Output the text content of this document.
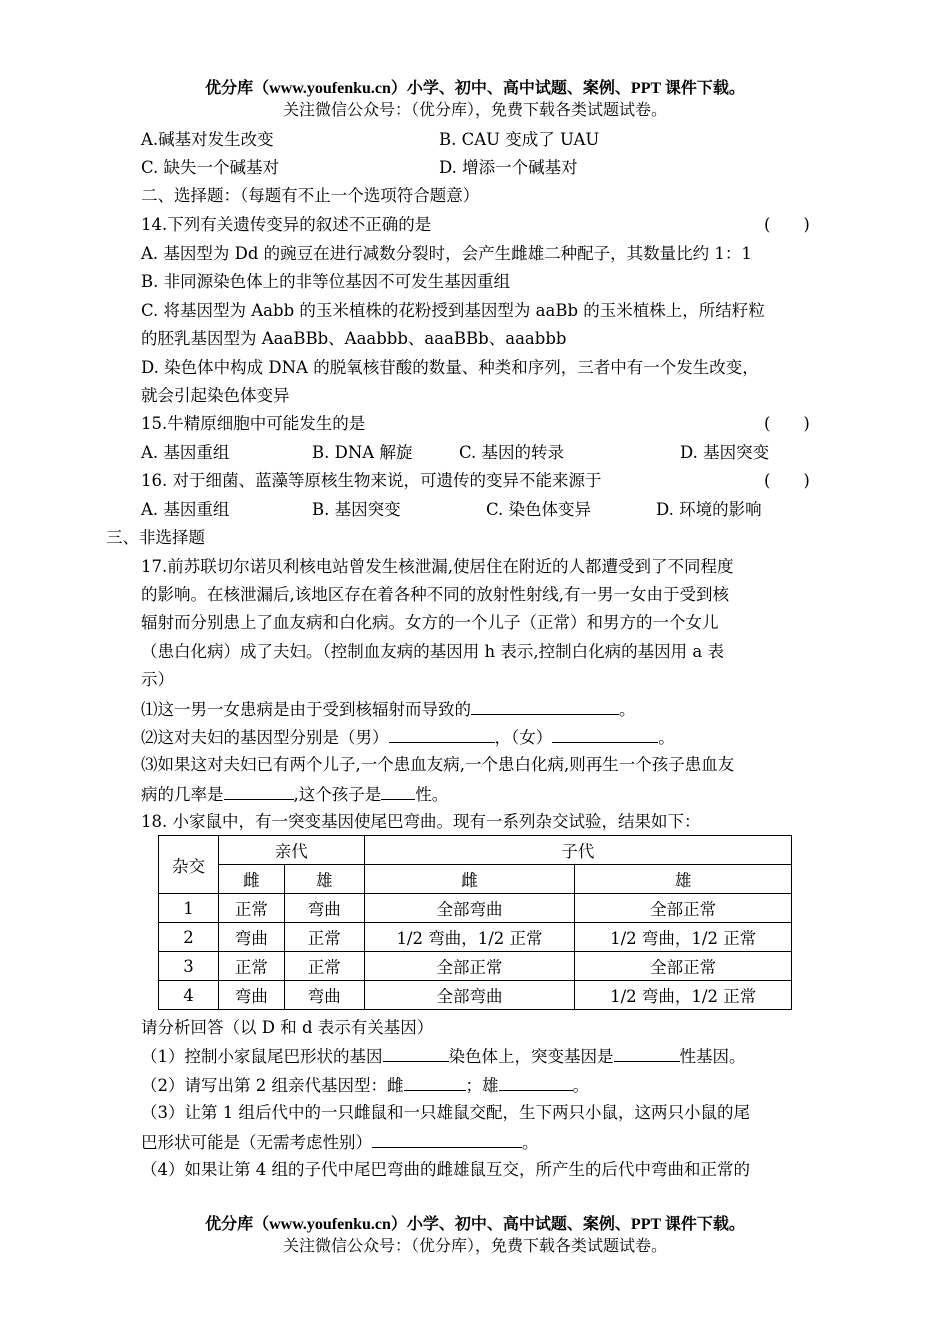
优分库（www.youfenku.cn）小学、初中、高中试题、案例、PPT 课件下载。
关注微信公众号：（优分库），免费下载各类试题试卷。
A.碱基对发生改变	B. CAU 变成了 UAU
C. 缺失一个碱基对	D. 增添一个碱基对
二、选择题：（每题有不止一个选项符合题意）
14.下列有关遗传变异的叙述不正确的是	(　　)
A. 基因型为 Dd 的豌豆在进行减数分裂时，会产生雌雄二种配子，其数量比约 1：1
B. 非同源染色体上的非等位基因不可发生基因重组
C. 将基因型为 Aabb 的玉米植株的花粉授到基因型为 aaBb 的玉米植株上，所结籽粒
的胚乳基因型为 AaaBBb、Aaabbb、aaaBBb、aaabbb
D. 染色体中构成 DNA 的脱氧核苷酸的数量、种类和序列，三者中有一个发生改变，
就会引起染色体变异
15.牛精原细胞中可能发生的是	(　　)
A. 基因重组	B. DNA 解旋	C. 基因的转录	D. 基因突变
16. 对于细菌、蓝藻等原核生物来说，可遗传的变异不能来源于	(　　)
A. 基因重组	B. 基因突变	C. 染色体变异	D. 环境的影响
三、非选择题
17.前苏联切尔诺贝利核电站曾发生核泄漏,使居住在附近的人都遭受到了不同程度
的影响。在核泄漏后,该地区存在着各种不同的放射性射线,有一男一女由于受到核
辐射而分别患上了血友病和白化病。女方的一个儿子（正常）和男方的一个女儿
（患白化病）成了夫妇。（控制血友病的基因用 h 表示,控制白化病的基因用 a 表
示）
⑴这一男一女患病是由于受到核辐射而导致的	。
⑵这对夫妇的基因型分别是（男）	，（女）	。
⑶如果这对夫妇已有两个儿子,一个患血友病,一个患白化病,则再生一个孩子患血友
病的几率是	,这个孩子是 性。
18. 小家鼠中，有一突变基因使尾巴弯曲。现有一系列杂交试验，结果如下：
杂交	亲代		子代	
	雌	雄	雌	雄
1	正常	弯曲	全部弯曲	全部正常
2	弯曲	正常	1/2 弯曲，1/2 正常	1/2 弯曲，1/2 正常
3	正常	正常	全部正常	全部正常
4	弯曲	弯曲	全部弯曲	1/2 弯曲，1/2 正常
请分析回答（以 D 和 d 表示有关基因）
（1）控制小家鼠尾巴形状的基因	染色体上，突变基因是	性基因。
（2）请写出第 2 组亲代基因型：雌	；雄	。
（3）让第 1 组后代中的一只雌鼠和一只雄鼠交配，生下两只小鼠，这两只小鼠的尾
巴形状可能是（无需考虑性别）	。
（4）如果让第 4 组的子代中尾巴弯曲的雌雄鼠互交，所产生的后代中弯曲和正常的
优分库（www.youfenku.cn）小学、初中、高中试题、案例、PPT 课件下载。
关注微信公众号：（优分库），免费下载各类试题试卷。
